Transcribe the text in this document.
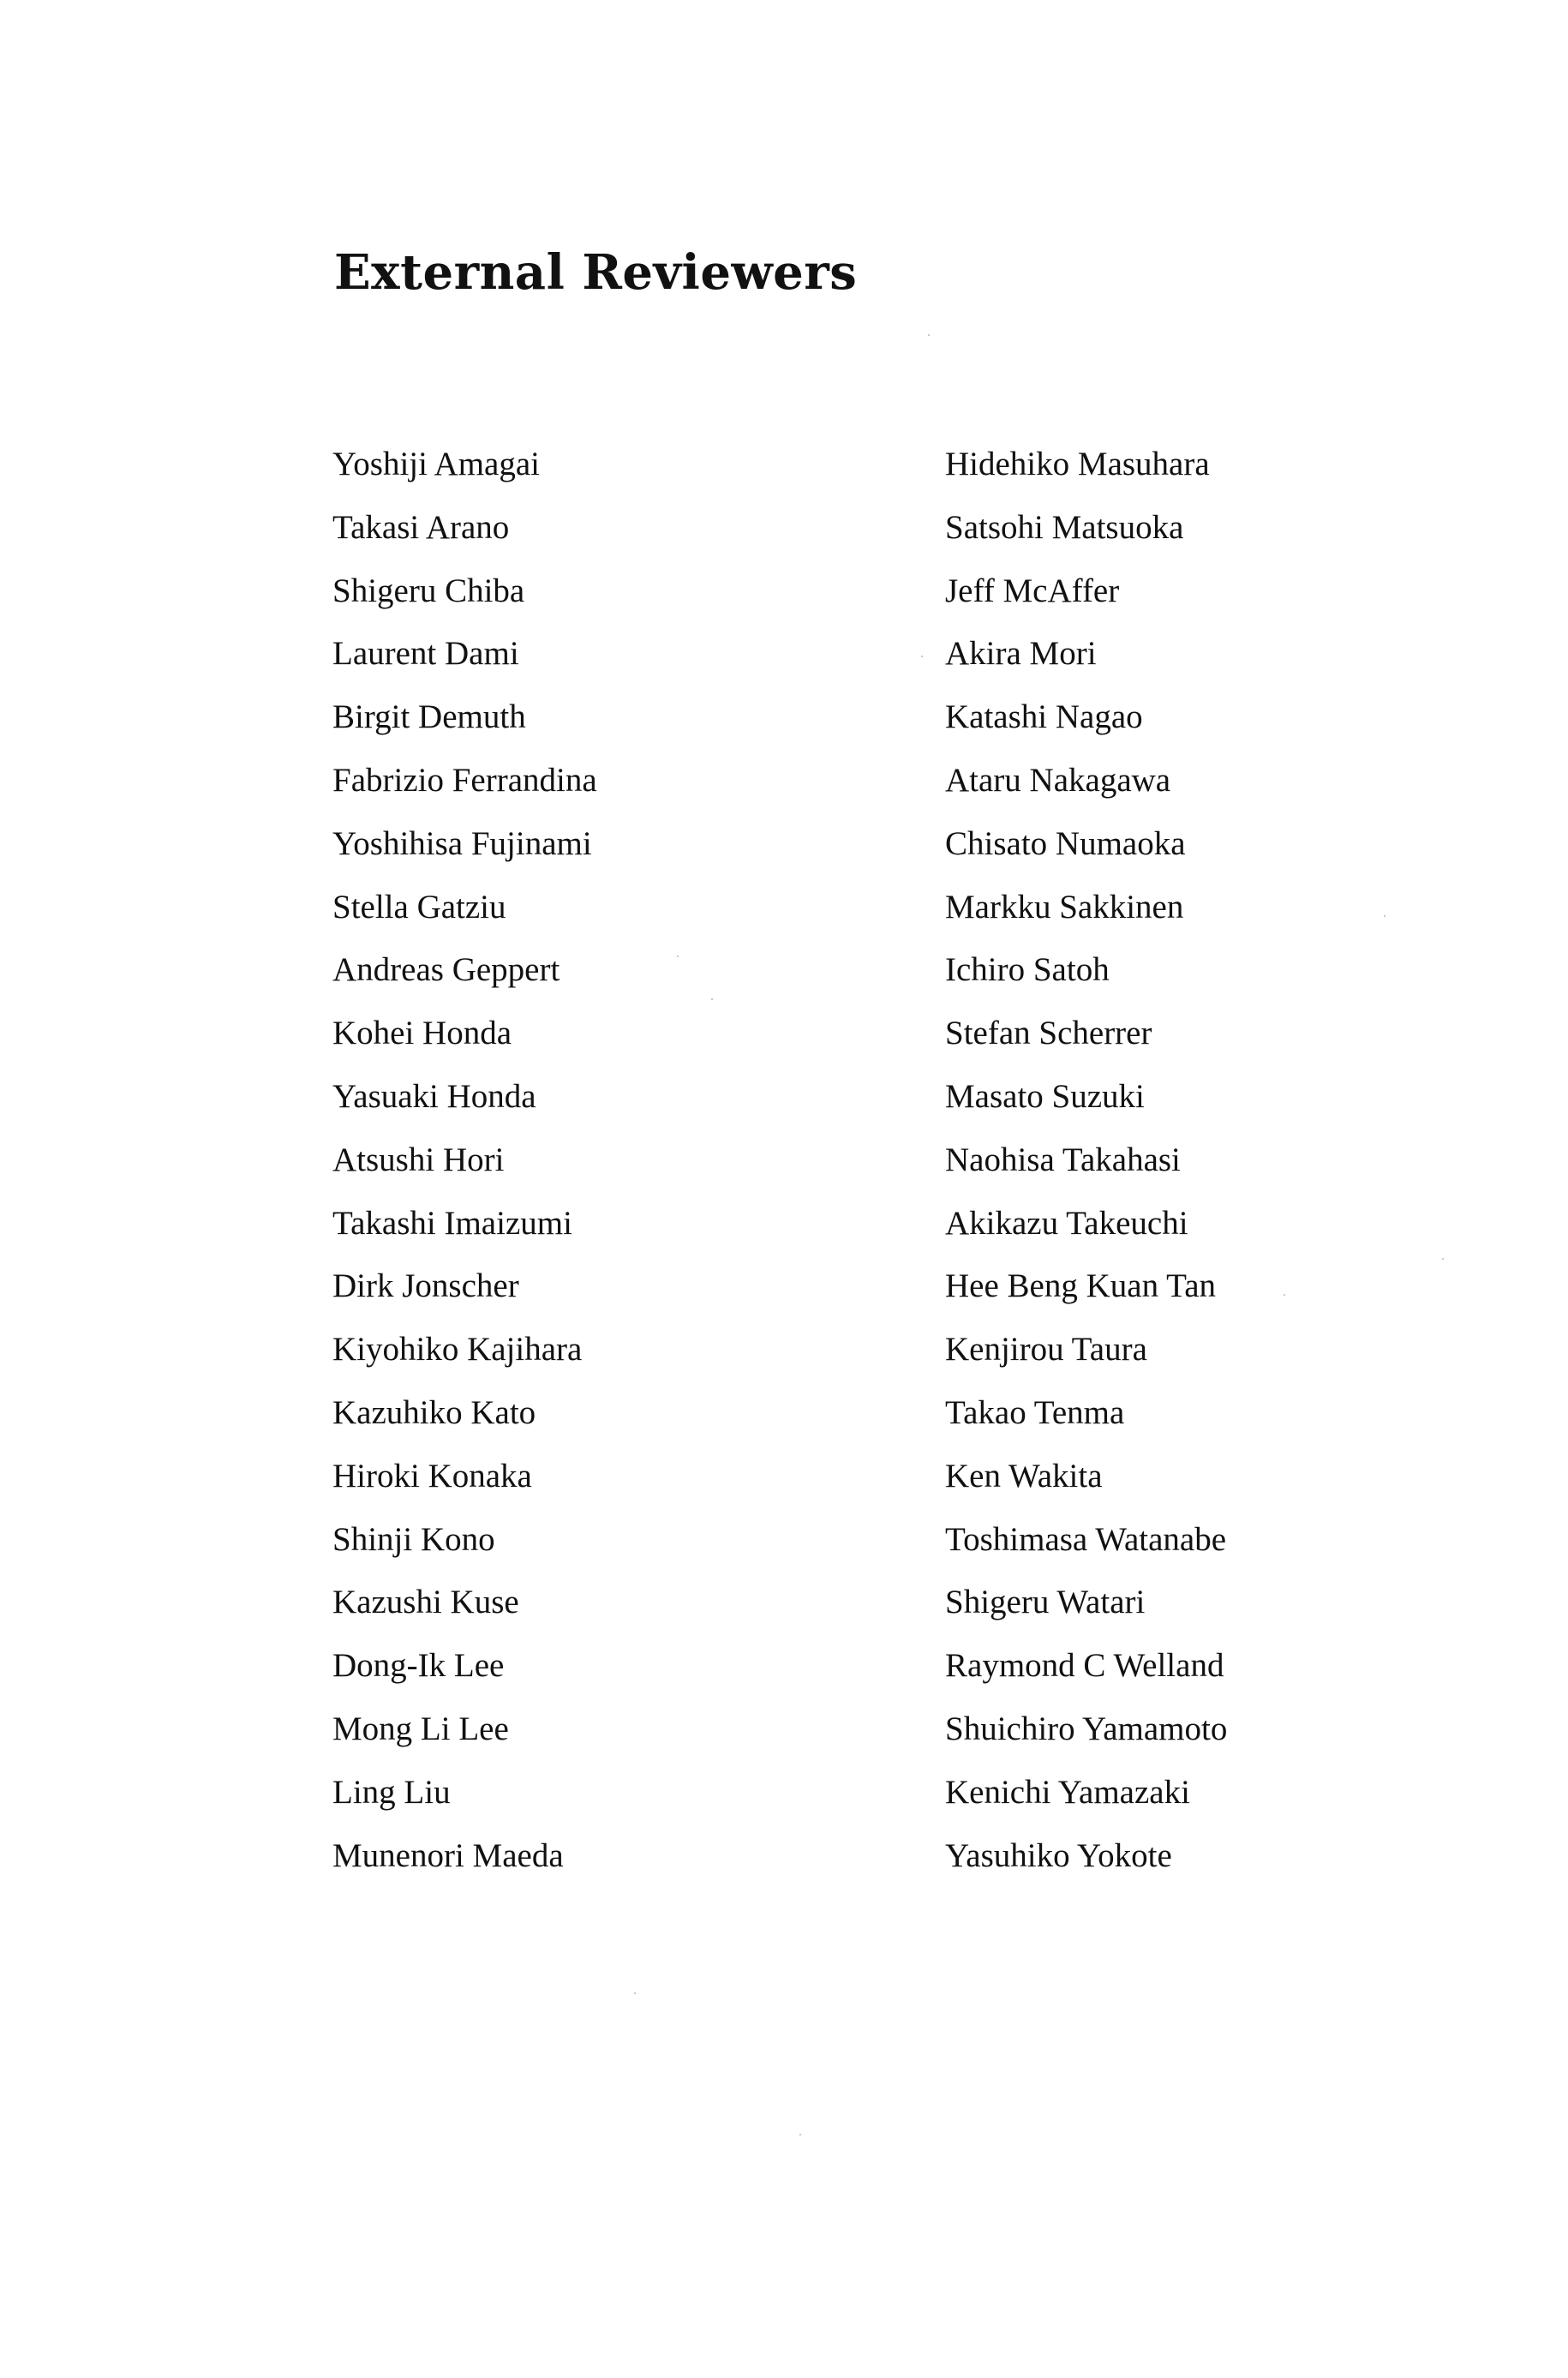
External Reviewers
Yoshiji Amagai
Takasi Arano
Shigeru Chiba
Laurent Dami
Birgit Demuth
Fabrizio Ferrandina
Yoshihisa Fujinami
Stella Gatziu
Andreas Geppert
Kohei Honda
Yasuaki Honda
Atsushi Hori
Takashi Imaizumi
Dirk Jonscher
Kiyohiko Kajihara
Kazuhiko Kato
Hiroki Konaka
Shinji Kono
Kazushi Kuse
Dong-Ik Lee
Mong Li Lee
Ling Liu
Munenori Maeda
Hidehiko Masuhara
Satsohi Matsuoka
Jeff McAffer
Akira Mori
Katashi Nagao
Ataru Nakagawa
Chisato Numaoka
Markku Sakkinen
Ichiro Satoh
Stefan Scherrer
Masato Suzuki
Naohisa Takahasi
Akikazu Takeuchi
Hee Beng Kuan Tan
Kenjirou Taura
Takao Tenma
Ken Wakita
Toshimasa Watanabe
Shigeru Watari
Raymond C Welland
Shuichiro Yamamoto
Kenichi Yamazaki
Yasuhiko Yokote
